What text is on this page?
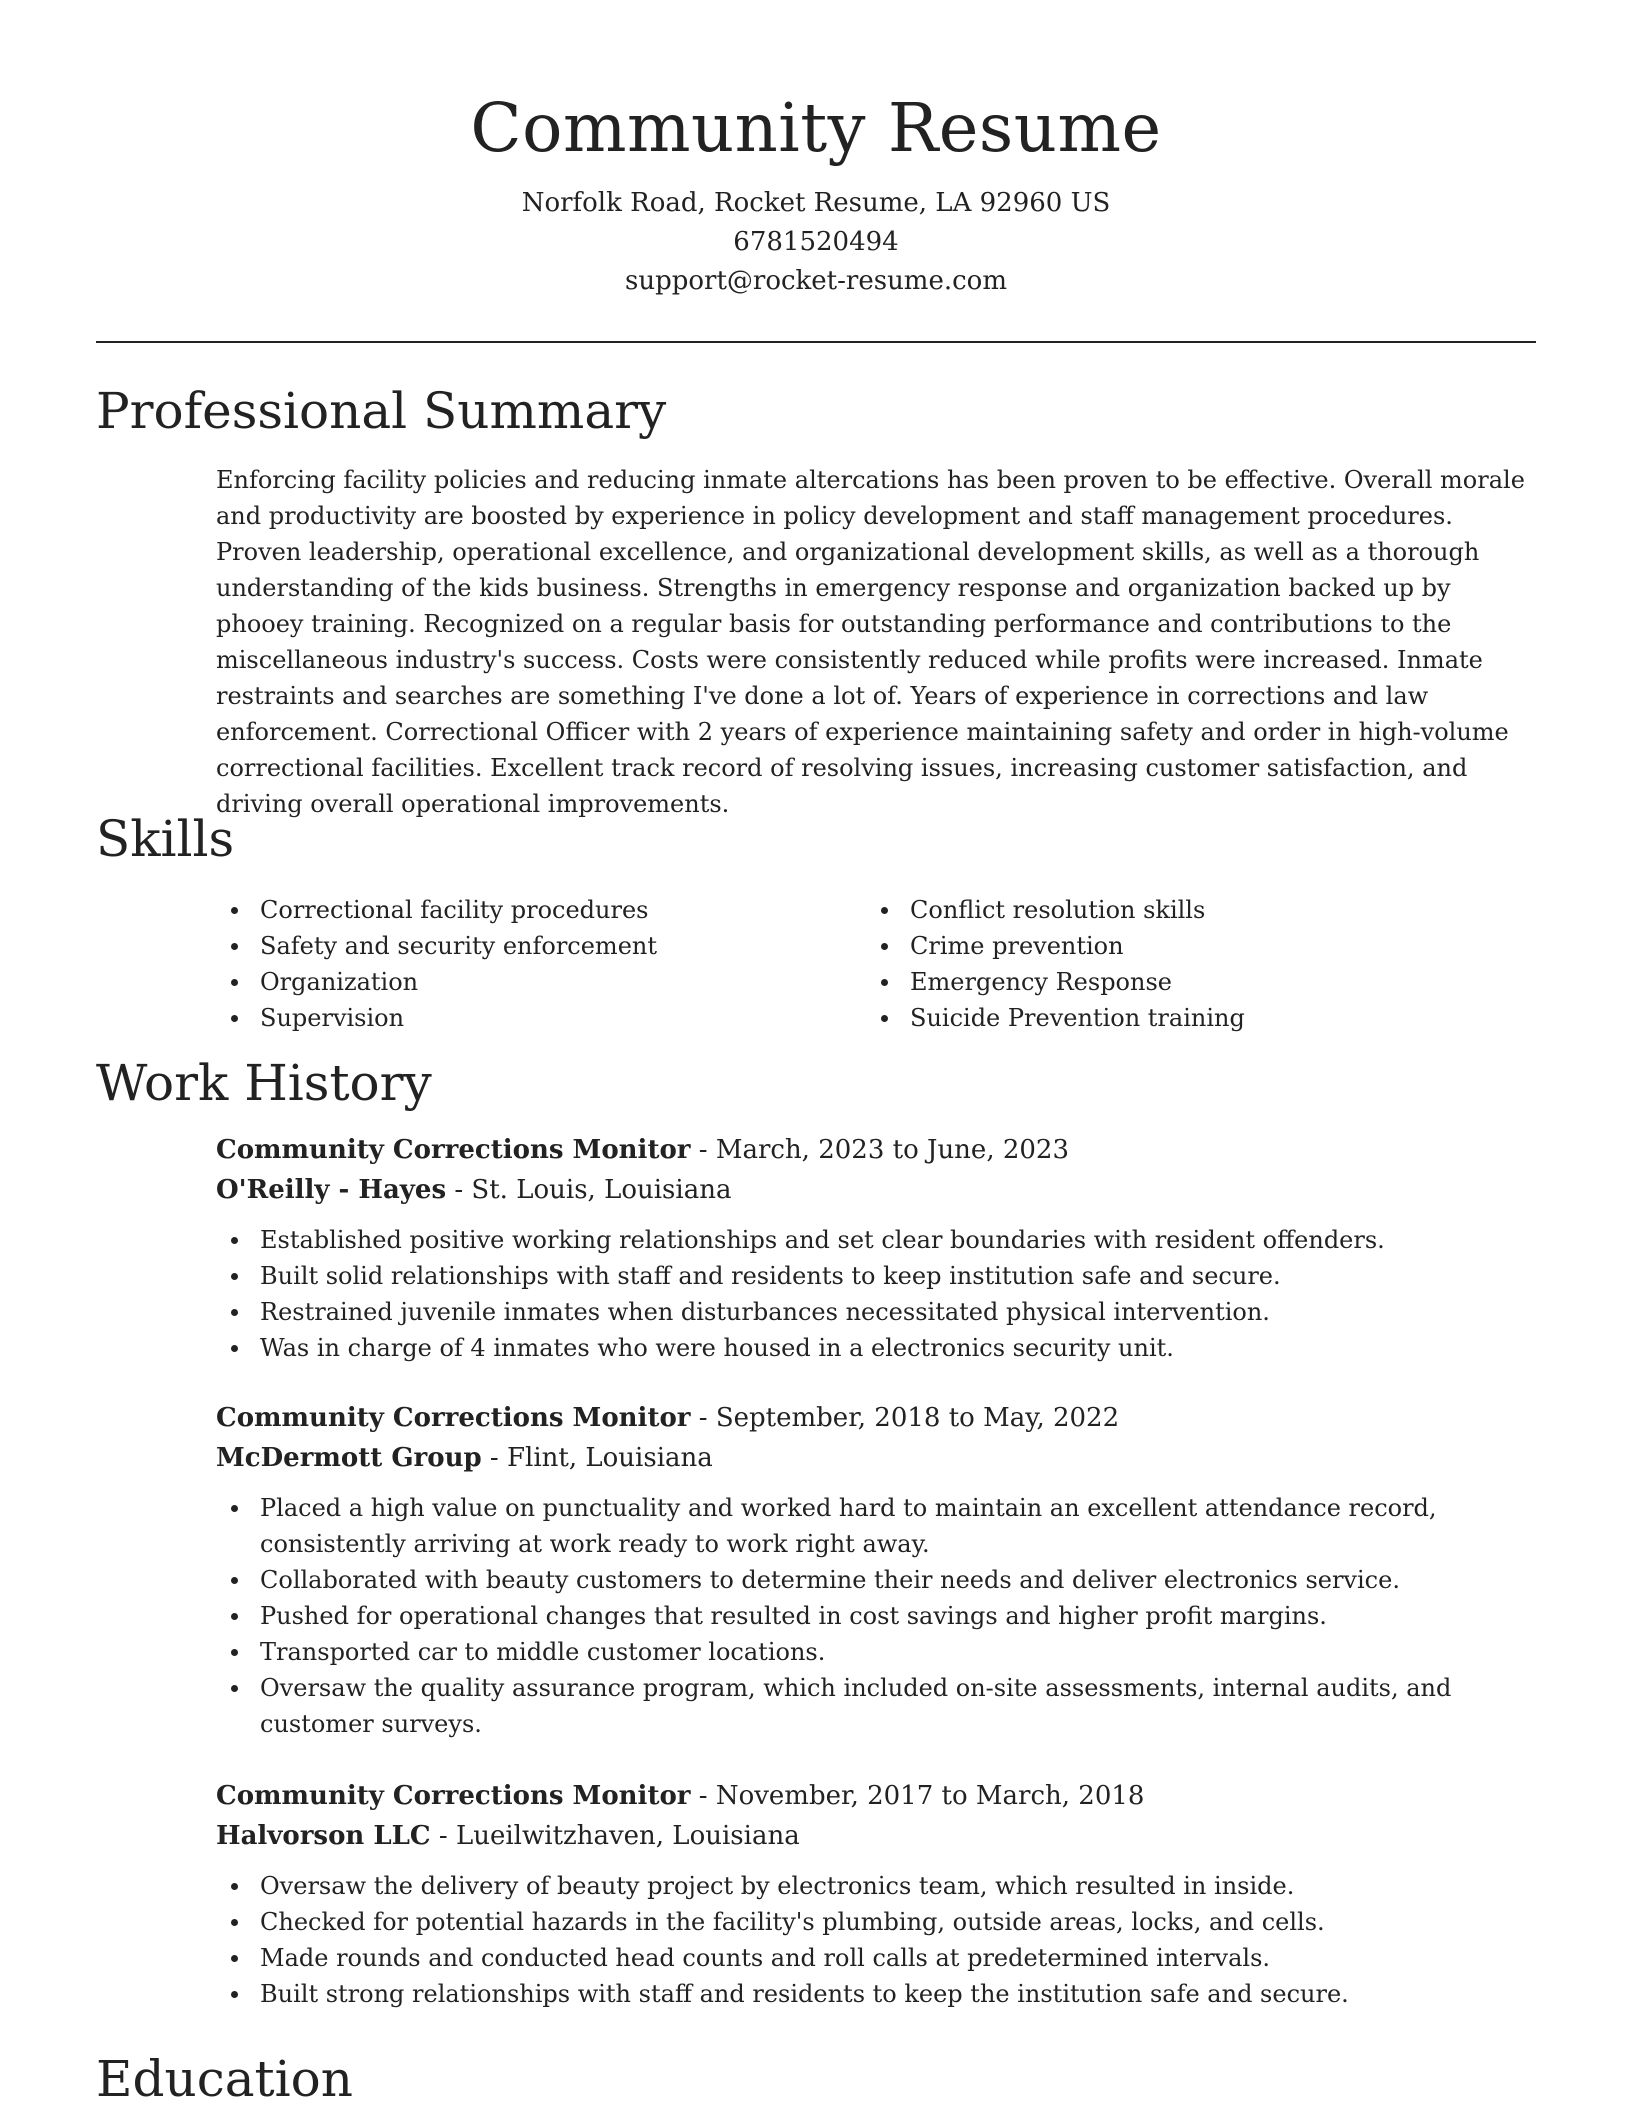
Community Resume
Norfolk Road, Rocket Resume, LA 92960 US
6781520494
support@rocket-resume.com
Professional Summary

Enforcing facility policies and reducing inmate altercations has been proven to be effective. Overall morale and productivity are boosted by experience in policy development and staff management procedures. Proven leadership, operational excellence, and organizational development skills, as well as a thorough understanding of the kids business. Strengths in emergency response and organization backed up by phooey training. Recognized on a regular basis for outstanding performance and contributions to the miscellaneous industry's success. Costs were consistently reduced while profits were increased. Inmate restraints and searches are something I've done a lot of. Years of experience in corrections and law enforcement. Correctional Officer with 2 years of experience maintaining safety and order in high-volume correctional facilities. Excellent track record of resolving issues, increasing customer satisfaction, and driving overall operational improvements.

Skills
Correctional facility procedures
Safety and security enforcement
Organization
Supervision
Conflict resolution skills
Crime prevention
Emergency Response
Suicide Prevention training
Work History
Community Corrections Monitor - March, 2023 to June, 2023
O'Reilly - Hayes - St. Louis, Louisiana
Established positive working relationships and set clear boundaries with resident offenders.
Built solid relationships with staff and residents to keep institution safe and secure.
Restrained juvenile inmates when disturbances necessitated physical intervention.
Was in charge of 4 inmates who were housed in a electronics security unit.
Community Corrections Monitor - September, 2018 to May, 2022
McDermott Group - Flint, Louisiana
Placed a high value on punctuality and worked hard to maintain an excellent attendance record, consistently arriving at work ready to work right away.
Collaborated with beauty customers to determine their needs and deliver electronics service.
Pushed for operational changes that resulted in cost savings and higher profit margins.
Transported car to middle customer locations.
Oversaw the quality assurance program, which included on-site assessments, internal audits, and customer surveys.
Community Corrections Monitor - November, 2017 to March, 2018
Halvorson LLC - Lueilwitzhaven, Louisiana
Oversaw the delivery of beauty project by electronics team, which resulted in inside.
Checked for potential hazards in the facility's plumbing, outside areas, locks, and cells.
Made rounds and conducted head counts and roll calls at predetermined intervals.
Built strong relationships with staff and residents to keep the institution safe and secure.
Education
